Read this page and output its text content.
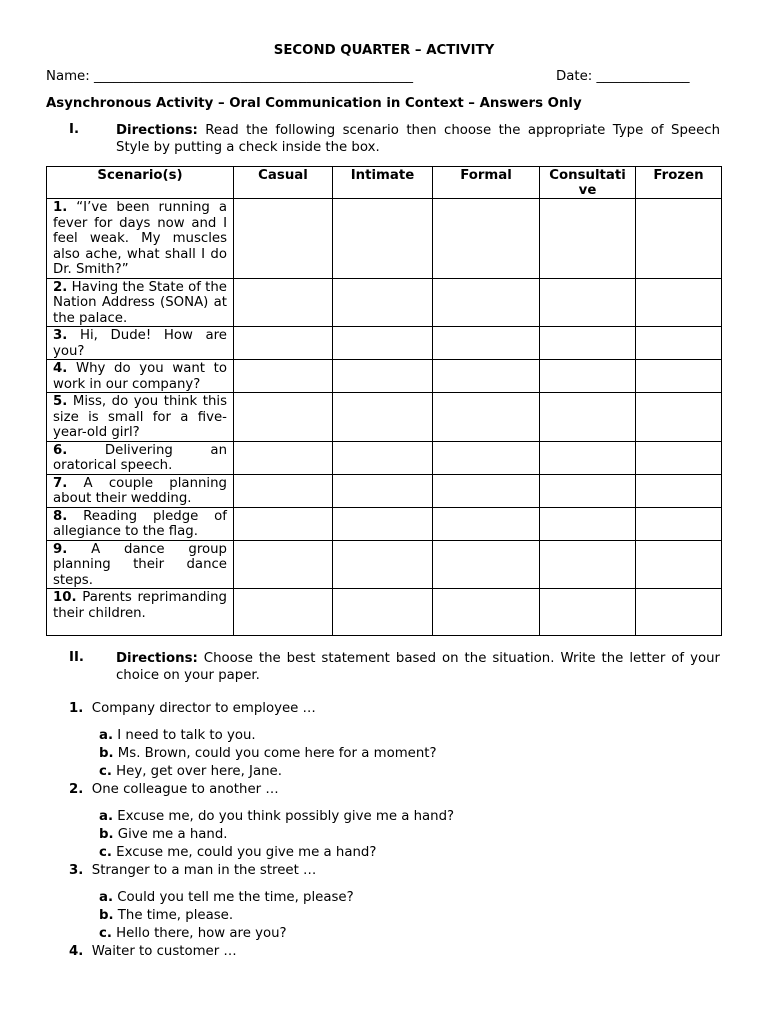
SECOND QUARTER – ACTIVITY
Name: ________________________________________________	Date: ______________
Asynchronous Activity – Oral Communication in Context – Answers Only
I.	Directions: Read the following scenario then choose the appropriate Type of Speech Style by putting a check inside the box.
Scenario(s)	Casual	Intimate	Formal	Consultative	Frozen
1. “I’ve been running a fever for days now and I feel weak. My muscles also ache, what shall I do Dr. Smith?”					
2. Having the State of the Nation Address (SONA) at the palace.					
3. Hi, Dude! How are you?					
4. Why do you want to work in our company?					
5. Miss, do you think this size is small for a five-year-old girl?					
6. Delivering an oratorical speech.					
7. A couple planning about their wedding.					
8. Reading pledge of allegiance to the flag.					
9. A dance group planning their dance steps.					
10. Parents reprimanding their children.					
II. Directions: Choose the best statement based on the situation. Write the letter of your choice on your paper.
1. Company director to employee …
a. I need to talk to you.
b. Ms. Brown, could you come here for a moment?
c. Hey, get over here, Jane.
2. One colleague to another …
a. Excuse me, do you think possibly give me a hand?
b. Give me a hand.
c. Excuse me, could you give me a hand?
3. Stranger to a man in the street …
a. Could you tell me the time, please?
b. The time, please.
c. Hello there, how are you?
4. Waiter to customer …
